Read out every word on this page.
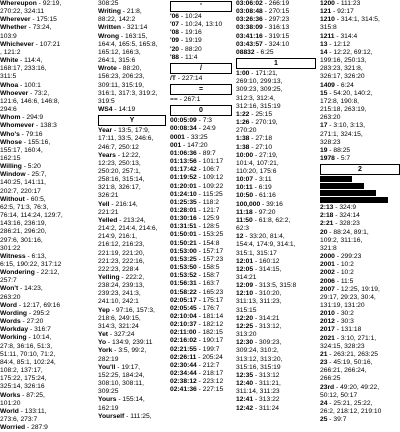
Whereupon - 92:19,
270:22, 324:11
Wherever - 175:15
Whether - 73:24,
103:9
Whichever - 107:21
, 121:2
White - 114:4,
168:17, 233:16,
311:5
Whoa - 100:1
Whoever - 73:2,
121:6, 146:6, 146:8,
294:6
Whom - 294:9
Whomever - 138:3
Who's - 79:16
Whose - 155:16,
155:17, 160:4,
162:15
Willing - 5:20
Window - 25:7,
140:25, 141:11,
202:7, 220:17
Without - 60:5,
62:5, 71:3, 76:3,
76:14, 114:24, 129:7,
143:16, 236:19,
286:21, 296:20,
297:6, 301:16,
301:22
Witness - 6:13,
6:15, 190:22, 317:12
Wondering - 22:12,
257:7
Won't - 14:23,
263:20
Word - 12:17, 69:16
Wording - 295:2
Words - 27:20
Workday - 316:7
Working - 10:14,
27:8, 36:16, 51:3,
51:11, 70:10, 71:2,
84:4, 85:1, 102:24,
108:2, 137:17,
175:22, 175:24,
325:14, 326:16
Works - 87:25,
101:20
World - 133:11,
273:6, 273:7
Worried - 287:9
308:25
Writing - 21:8,
88:22, 142:2
Written - 321:14
Wrong - 163:15,
164:4, 165:5, 165:8,
165:12, 166:3,
264:1, 315:6
Wrote - 88:20,
156:23, 206:23,
309:11, 315:19,
316:1, 317:3, 319:2,
319:5
WS4 - 14:19
Y
Year - 13:5, 17:9,
17:11, 33:5, 246:6,
246:7, 250:12
Years - 12:22,
12:23, 250:13,
250:20, 257:1,
258:16, 315:14,
321:8, 326:17,
326:21
Yell - 216:14,
221:21
Yelled - 213:24,
214:2, 214:4, 214:6,
214:9, 216:1,
216:12, 216:23,
221:19, 221:20,
221:23, 222:16,
222:23, 228:4
Yelling - 222:2,
238:24, 239:13,
239:23, 241:3,
241:10, 242:1
Yep - 97:16, 157:3,
218:6, 249:15,
314:3, 321:24
Yet - 327:24
Yo - 134:9, 239:11
York - 3:5, 99:2,
282:19
You'll - 19:17,
152:25, 184:24,
308:10, 308:11,
309:25
Yours - 155:14,
162:19
Yourself - 111:25,
'
'06 - 10:24
'07 - 10:24, 13:10
'08 - 19:16
'09 - 19:19
'20 - 88:20
'88 - 11:4
/
/T - 227:14
=
== - 267:1
0
00:05:09 - 7:3
00:08:34 - 24:9
0001 - 33:25
001 - 147:20
01:06:36 - 89:7
01:13:56 - 101:17
01:17:42 - 106:7
01:19:52 - 109:12
01:20:01 - 109:22
01:24:10 - 115:25
01:25:35 - 118:2
01:28:01 - 121:7
01:30:16 - 125:9
01:31:51 - 128:5
01:50:01 - 153:25
01:50:21 - 154:8
01:53:00 - 157:17
01:53:25 - 157:23
01:53:50 - 158:5
01:53:52 - 158:7
01:56:31 - 163:7
01:58:22 - 165:23
02:05:17 - 175:17
02:05:45 - 176:7
02:10:04 - 181:14
02:10:37 - 182:12
02:11:00 - 182:15
02:16:02 - 190:17
02:21:55 - 199:7
02:26:11 - 205:24
02:30:44 - 212:7
02:34:44 - 218:17
02:38:12 - 223:12
02:41:36 - 227:15
03:06:02 - 266:19
03:08:48 - 270:15
03:26:36 - 297:23
03:38:09 - 316:13
03:41:16 - 319:15
03:43:57 - 324:10
08832 - 6:25
1
1:00 - 171:21,
269:10, 299:13,
309:23, 309:25,
312:3, 312:4,
312:16, 315:19
1:22 - 25:15
1:26 - 270:19,
270:20
1:38 - 27:18
1:38 - 27:10
10:00 - 27:19,
101:4, 107:21,
110:20, 175:6
10:07 - 3:11
10:11 - 6:19
10:50 - 61:16
100,000 - 39:16
11:18 - 97:20
11:50 - 61:8, 62:2,
62:3
12 - 33:20, 81:4,
154:4, 174:9, 314:1,
315:1, 315:17
12:01 - 160:12
12:05 - 314:15,
314:21
12:09 - 313:5, 315:8
12:10 - 310:20,
311:13, 311:23,
315:15
12:20 - 314:21
12:25 - 313:12,
313:20
12:30 - 309:23,
309:24, 310:2,
313:12, 313:20,
315:16, 315:19
12:35 - 313:12
12:40 - 311:21,
311:14, 311:23
12:41 - 313:22
12:42 - 311:24
1200 - 111:23
121 - 92:17
1210 - 314:1, 314:5,
315:8
1211 - 314:4
13 - 12:12
14 - 12:22, 69:12,
199:16, 250:13,
283:23, 321:8,
326:17, 326:20
1409 - 6:24
15 - 54:20, 140:2,
172:8, 190:8,
215:18, 263:19,
263:20
17 - 3:10, 3:13,
271:1, 324:15,
328:23
19 - 88:25
1978 - 5:7
2
2:13 - 324:9
2:18 - 324:14
2:21 - 328:23
20 - 88:24, 89:1,
109:2, 311:16,
321:8
2000 - 299:23
2001 - 10:2
2002 - 10:2
2006 - 11:5
2007 - 12:25, 19:19,
29:17, 29:23, 30:4,
131:19, 131:20
2010 - 30:2
2012 - 30:3
2017 - 131:18
2021 - 3:10, 271:1,
324:15, 328:23
21 - 263:21, 263:25
23 - 45:19, 50:16,
266:21, 266:24,
266:25
23rd - 49:20, 49:22,
50:12, 50:17
24 - 25:21, 25:22,
26:2, 218:12, 219:10
25 - 39:7
